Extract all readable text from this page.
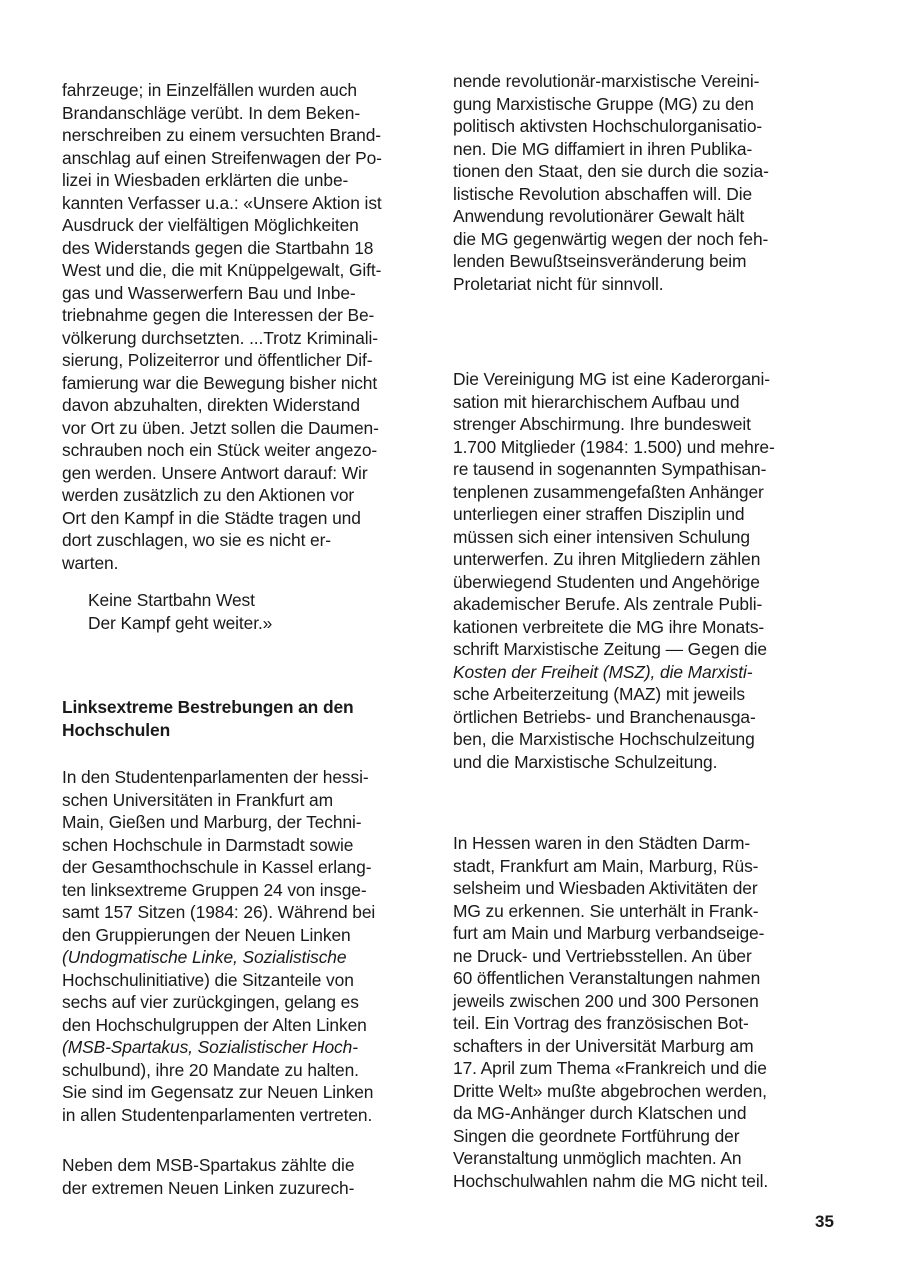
fahrzeuge; in Einzelfällen wurden auch

Brandanschläge verübt. In dem Beken-

nerschreiben zu einem versuchten Brand-

anschlag auf einen Streifenwagen der Po-

lizei in Wiesbaden erklärten die unbe-

kannten Verfasser u.a.: «Unsere Aktion ist

Ausdruck der vielfältigen Möglichkeiten

des Widerstands gegen die Startbahn 18

West und die, die mit Knüppelgewalt, Gift-

gas und Wasserwerfern Bau und Inbe-

triebnahme gegen die Interessen der Be-

völkerung durchsetzten. ...Trotz Kriminali-

sierung, Polizeiterror und öffentlicher Dif-

famierung war die Bewegung bisher nicht

davon abzuhalten, direkten Widerstand

vor Ort zu üben. Jetzt sollen die Daumen-

schrauben noch ein Stück weiter angezo-

gen werden. Unsere Antwort darauf: Wir

werden zusätzlich zu den Aktionen vor

Ort den Kampf in die Städte tragen und

dort zuschlagen, wo sie es nicht er-

warten.

Keine Startbahn West

Der Kampf geht weiter.»

Linksextreme Bestrebungen an den
Hochschulen

In den Studentenparlamenten der hessi-

schen Universitäten in Frankfurt am

Main, Gießen und Marburg, der Techni-

schen Hochschule in Darmstadt sowie

der Gesamthochschule in Kassel erlang-

ten linksextreme Gruppen 24 von insge-

samt 157 Sitzen (1984: 26). Während bei

den Gruppierungen der Neuen Linken

(Undogmatische Linke, Sozialistische

Hochschulinitiative) die Sitzanteile von

sechs auf vier zurückgingen, gelang es

den Hochschulgruppen der Alten Linken

(MSB-Spartakus, Sozialistischer Hoch-

schulbund), ihre 20 Mandate zu halten.

Sie sind im Gegensatz zur Neuen Linken

in allen Studentenparlamenten vertreten.

Neben dem MSB-Spartakus zählte die

der extremen Neuen Linken zuzurech-

nende revolutionär-marxistische Vereini-

gung Marxistische Gruppe (MG) zu den

politisch aktivsten Hochschulorganisatio-

nen. Die MG diffamiert in ihren Publika-

tionen den Staat, den sie durch die sozia-

listische Revolution abschaffen will. Die

Anwendung revolutionärer Gewalt hält

die MG gegenwärtig wegen der noch feh-

lenden Bewußtseinsveränderung beim

Proletariat nicht für sinnvoll.

Die Vereinigung MG ist eine Kaderorgani-

sation mit hierarchischem Aufbau und

strenger Abschirmung. Ihre bundesweit

1.700 Mitglieder (1984: 1.500) und mehre-

re tausend in sogenannten Sympathisan-

tenplenen zusammengefaßten Anhänger

unterliegen einer straffen Disziplin und

müssen sich einer intensiven Schulung

unterwerfen. Zu ihren Mitgliedern zählen

überwiegend Studenten und Angehörige

akademischer Berufe. Als zentrale Publi-

kationen verbreitete die MG ihre Monats-

schrift Marxistische Zeitung — Gegen die

Kosten der Freiheit (MSZ), die Marxisti-

sche Arbeiterzeitung (MAZ) mit jeweils

örtlichen Betriebs- und Branchenausga-

ben, die Marxistische Hochschulzeitung

und die Marxistische Schulzeitung.

In Hessen waren in den Städten Darm-

stadt, Frankfurt am Main, Marburg, Rüs-

selsheim und Wiesbaden Aktivitäten der

MG zu erkennen. Sie unterhält in Frank-

furt am Main und Marburg verbandseige-

ne Druck- und Vertriebsstellen. An über

60 öffentlichen Veranstaltungen nahmen

jeweils zwischen 200 und 300 Personen

teil. Ein Vortrag des französischen Bot-

schafters in der Universität Marburg am

17. April zum Thema «Frankreich und die

Dritte Welt» mußte abgebrochen werden,

da MG-Anhänger durch Klatschen und

Singen die geordnete Fortführung der

Veranstaltung unmöglich machten. An

Hochschulwahlen nahm die MG nicht teil.

35
